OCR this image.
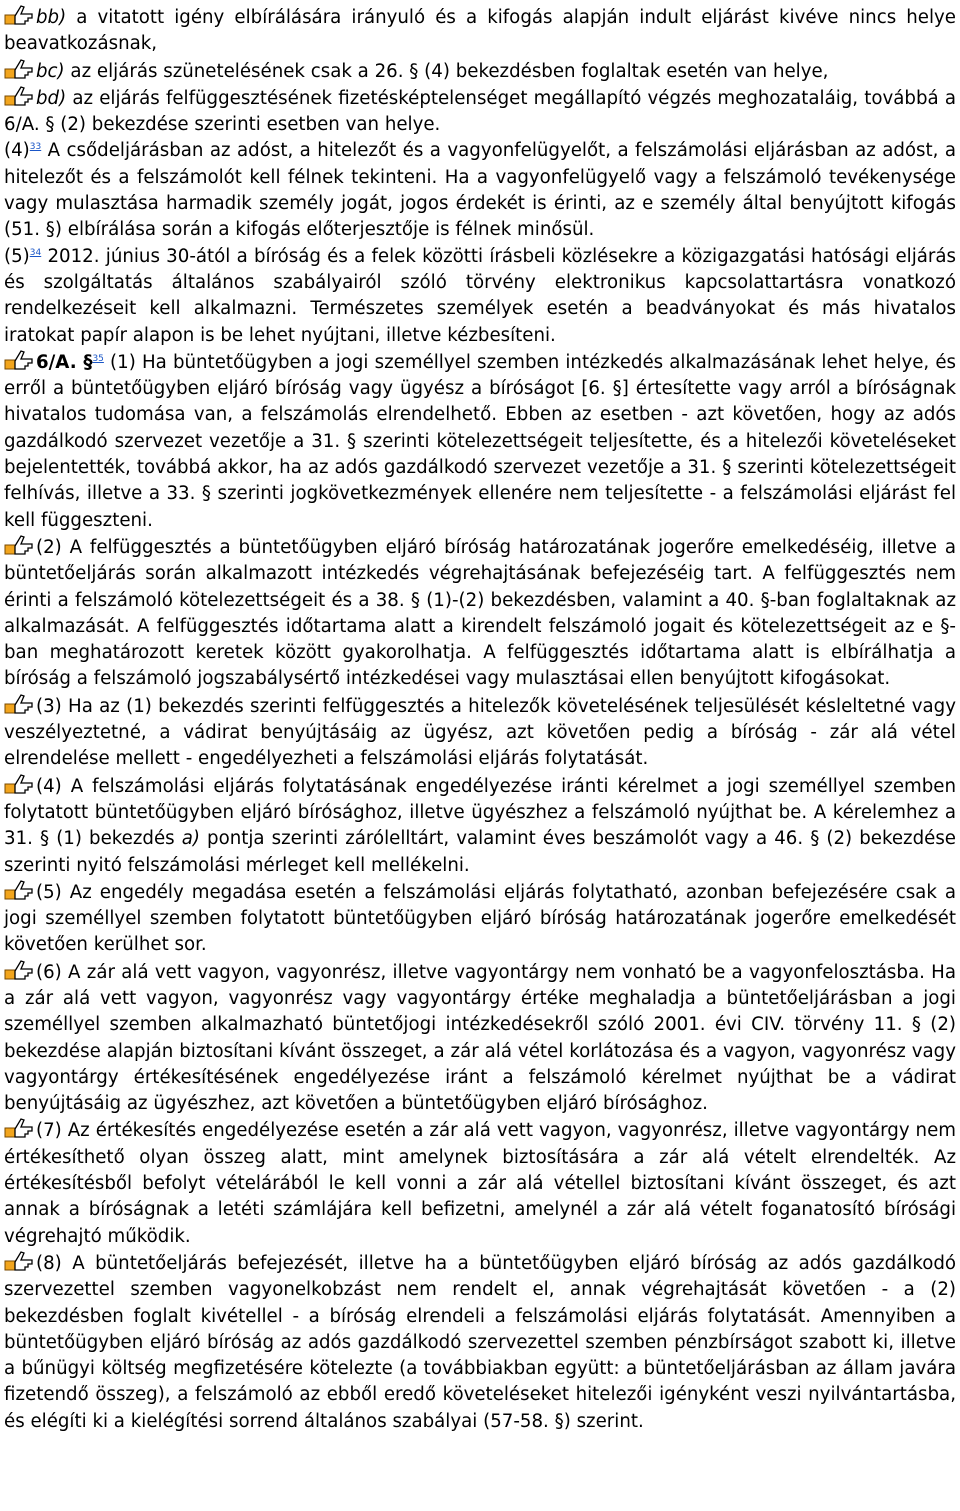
bb) a vitatott igény elbírálására irányuló és a kifogás alapján indult eljárást kivéve nincs helye beavatkozásnak,

bc) az eljárás szünetelésének csak a 26. § (4) bekezdésben foglaltak esetén van helye,

bd) az eljárás felfüggesztésének fizetésképtelenséget megállapító végzés meghozataláig, továbbá a 6/A. § (2) bekezdése szerinti esetben van helye.

(4)$^{33}$ A csődeljárásban az adóst, a hitelezőt és a vagyonfelügyelőt, a felszámolási eljárásban az adóst, a hitelezőt és a felszámolót kell félnek tekinteni. Ha a vagyonfelügyelő vagy a felszámoló tevékenysége vagy mulasztása harmadik személy jogát, jogos érdekét is érinti, az e személy által benyújtott kifogás (51. §) elbírálása során a kifogás előterjesztője is félnek minősül.

(5)$^{34}$ 2012. június 30-ától a bíróság és a felek közötti írásbeli közlésekre a közigazgatási hatósági eljárás és szolgáltatás általános szabályairól szóló törvény elektronikus kapcsolattartásra vonatkozó rendelkezéseit kell alkalmazni. Természetes személyek esetén a beadványokat és más hivatalos iratokat papír alapon is be lehet nyújtani, illetve kézbesíteni.

6/A. §$^{35}$ (1) Ha büntetőügyben a jogi személlyel szemben intézkedés alkalmazásának lehet helye, és erről a büntetőügyben eljáró bíróság vagy ügyész a bíróságot [6. §] értesítette vagy arról a bíróságnak hivatalos tudomása van, a felszámolás elrendelhető. Ebben az esetben - azt követően, hogy az adós gazdálkodó szervezet vezetője a 31. § szerinti kötelezettségeit teljesítette, és a hitelezői követeléseket bejelentették, továbbá akkor, ha az adós gazdálkodó szervezet vezetője a 31. § szerinti kötelezettségeit felhívás, illetve a 33. § szerinti jogkövetkezmények ellenére nem teljesítette - a felszámolási eljárást fel kell függeszteni.

(2) A felfüggesztés a büntetőügyben eljáró bíróság határozatának jogerőre emelkedéséig, illetve a büntetőeljárás során alkalmazott intézkedés végrehajtásának befejezéséig tart. A felfüggesztés nem érinti a felszámoló kötelezettségeit és a 38. § (1)-(2) bekezdésben, valamint a 40. §-ban foglaltaknak az alkalmazását. A felfüggesztés időtartama alatt a kirendelt felszámoló jogait és kötelezettségeit az e §-ban meghatározott keretek között gyakorolhatja. A felfüggesztés időtartama alatt is elbírálhatja a bíróság a felszámoló jogszabálysértő intézkedései vagy mulasztásai ellen benyújtott kifogásokat.

(3) Ha az (1) bekezdés szerinti felfüggesztés a hitelezők követelésének teljesülését késleltetné vagy veszélyeztetné, a vádirat benyújtásáig az ügyész, azt követően pedig a bíróság - zár alá vétel elrendelése mellett - engedélyezheti a felszámolási eljárás folytatását.

(4) A felszámolási eljárás folytatásának engedélyezése iránti kérelmet a jogi személlyel szemben folytatott büntetőügyben eljáró bírósághoz, illetve ügyészhez a felszámoló nyújthat be. A kérelemhez a 31. § (1) bekezdés a) pontja szerinti zárólelltárt, valamint éves beszámolót vagy a 46. § (2) bekezdése szerinti nyitó felszámolási mérleget kell mellékelni.

(5) Az engedély megadása esetén a felszámolási eljárás folytatható, azonban befejezésére csak a jogi személlyel szemben folytatott büntetőügyben eljáró bíróság határozatának jogerőre emelkedését követően kerülhet sor.

(6) A zár alá vett vagyon, vagyonrész, illetve vagyontárgy nem vonható be a vagyonfelosztásba. Ha a zár alá vett vagyon, vagyonrész vagy vagyontárgy értéke meghaladja a büntetőeljárásban a jogi személlyel szemben alkalmazható büntetőjogi intézkedésekről szóló 2001. évi CIV. törvény 11. § (2) bekezdése alapján biztosítani kívánt összeget, a zár alá vétel korlátozása és a vagyon, vagyonrész vagy vagyontárgy értékesítésének engedélyezése iránt a felszámoló kérelmet nyújthat be a vádirat benyújtásáig az ügyészhez, azt követően a büntetőügyben eljáró bírósághoz.

(7) Az értékesítés engedélyezése esetén a zár alá vett vagyon, vagyonrész, illetve vagyontárgy nem értékesíthető olyan összeg alatt, mint amelynek biztosítására a zár alá vételt elrendelték. Az értékesítésből befolyt vételárából le kell vonni a zár alá vétellel biztosítani kívánt összeget, és azt annak a bíróságnak a letéti számlájára kell befizetni, amelynél a zár alá vételt foganatosító bírósági végrehajtó működik.

(8) A büntetőeljárás befejezését, illetve ha a büntetőügyben eljáró bíróság az adós gazdálkodó szervezettel szemben vagyonelkobzást nem rendelt el, annak végrehajtását követően - a (2) bekezdésben foglalt kivétellel - a bíróság elrendeli a felszámolási eljárás folytatását. Amennyiben a büntetőügyben eljáró bíróság az adós gazdálkodó szervezettel szemben pénzbírságot szabott ki, illetve a bűnügyi költség megfizetésére kötelezte (a továbbiakban együtt: a büntetőeljárásban az állam javára fizetendő összeg), a felszámoló az ebből eredő követeléseket hitelezői igényként veszi nyilvántartásba, és elégíti ki a kielégítési sorrend általános szabályai (57-58. §) szerint.
